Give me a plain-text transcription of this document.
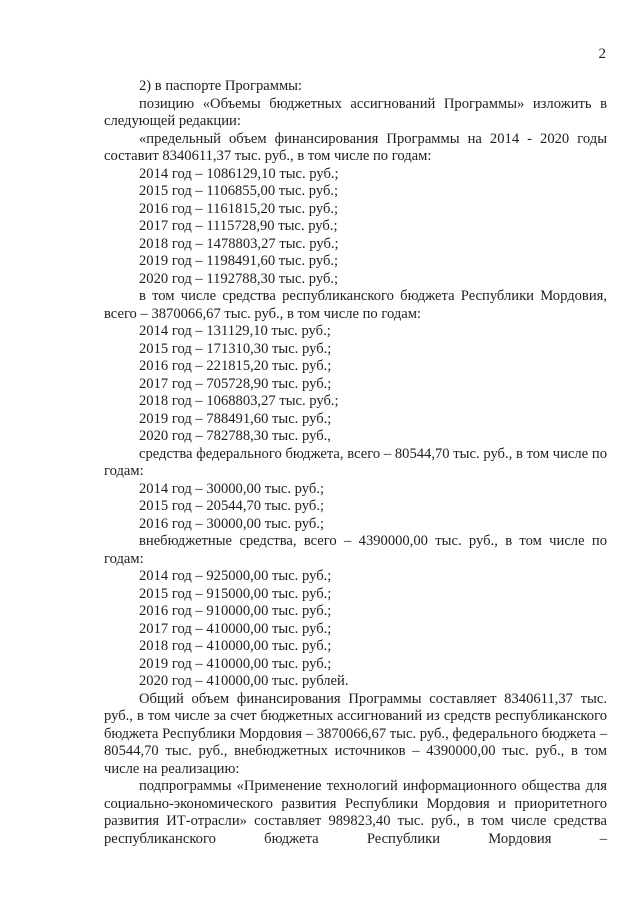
2

2) в паспорте Программы:

позицию «Объемы бюджетных ассигнований Программы» изложить в следующей редакции:

«предельный объем финансирования Программы на 2014 - 2020 годы составит 8340611,37 тыс. руб., в том числе по годам:

2014 год – 1086129,10 тыс. руб.;

2015 год – 1106855,00 тыс. руб.;

2016 год – 1161815,20 тыс. руб.;

2017 год – 1115728,90 тыс. руб.;

2018 год – 1478803,27 тыс. руб.;

2019 год – 1198491,60 тыс. руб.;

2020 год – 1192788,30 тыс. руб.;

в том числе средства республиканского бюджета Республики Мордовия, всего – 3870066,67 тыс. руб., в том числе по годам:

2014 год – 131129,10 тыс. руб.;

2015 год – 171310,30 тыс. руб.;

2016 год – 221815,20 тыс. руб.;

2017 год – 705728,90 тыс. руб.;

2018 год – 1068803,27 тыс. руб.;

2019 год – 788491,60 тыс. руб.;

2020 год – 782788,30 тыс. руб.,

средства федерального бюджета, всего – 80544,70 тыс. руб., в том числе по годам:

2014 год – 30000,00 тыс. руб.;

2015 год – 20544,70 тыс. руб.;

2016 год – 30000,00 тыс. руб.;

внебюджетные средства, всего – 4390000,00 тыс. руб., в том числе по годам:

2014 год – 925000,00 тыс. руб.;

2015 год – 915000,00 тыс. руб.;

2016 год – 910000,00 тыс. руб.;

2017 год – 410000,00 тыс. руб.;

2018 год – 410000,00 тыс. руб.;

2019 год – 410000,00 тыс. руб.;

2020 год – 410000,00 тыс. рублей.

Общий объем финансирования Программы составляет 8340611,37 тыс. руб., в том числе за счет бюджетных ассигнований из средств республиканского бюджета Республики Мордовия – 3870066,67 тыс. руб., федерального бюджета – 80544,70 тыс. руб., внебюджетных источников – 4390000,00 тыс. руб., в том числе на реализацию:

подпрограммы «Применение технологий информационного общества для социально-экономического развития Республики Мордовия и приоритетного развития ИТ-отрасли» составляет 989823,40 тыс. руб., в том числе средства республиканского бюджета Республики Мордовия –
